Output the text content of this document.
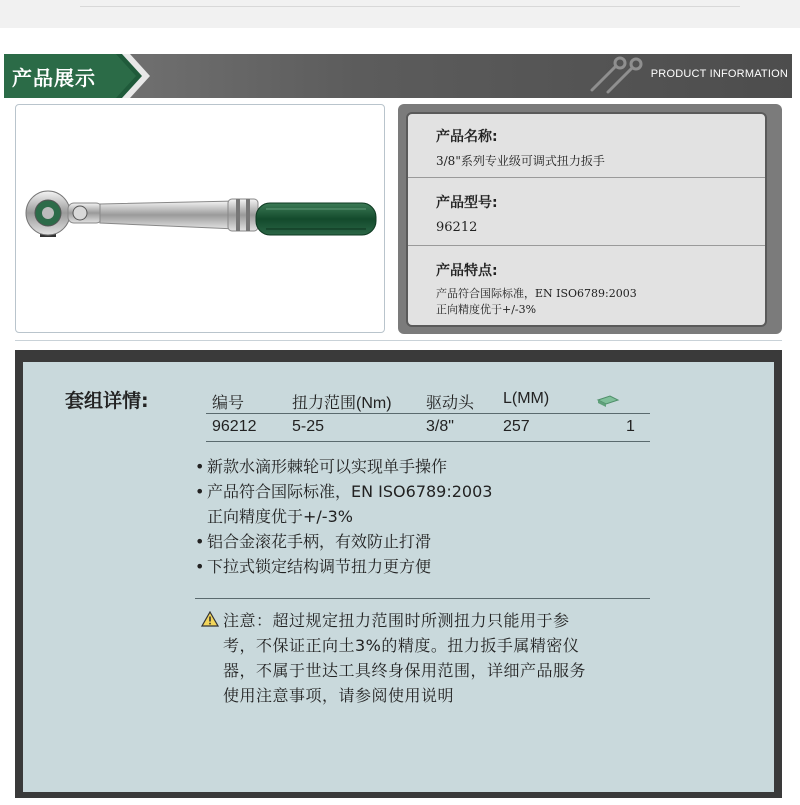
产品展示	PRODUCT INFORMATION
产品名称:
3/8"系列专业级可调式扭力扳手
产品型号:
96212
产品特点:
产品符合国际标准，EN ISO6789:2003
正向精度优于+/-3%
套组详情:	编号	扭力范围(Nm) 驱动头 L(MM)
96212 5-25	3/8"	257	1
• 新款水滴形棘轮可以实现单手操作
• 产品符合国际标准，EN ISO6789:2003
正向精度优于+/-3%
• 铝合金滚花手柄，有效防止打滑
• 下拉式锁定结构调节扭力更方便
注意：超过规定扭力范围时所测扭力只能用于参
考，不保证正向土3%的精度。扭力扳手属精密仪
器，不属于世达工具终身保用范围，详细产品服务
使用注意事项，请参阅使用说明
